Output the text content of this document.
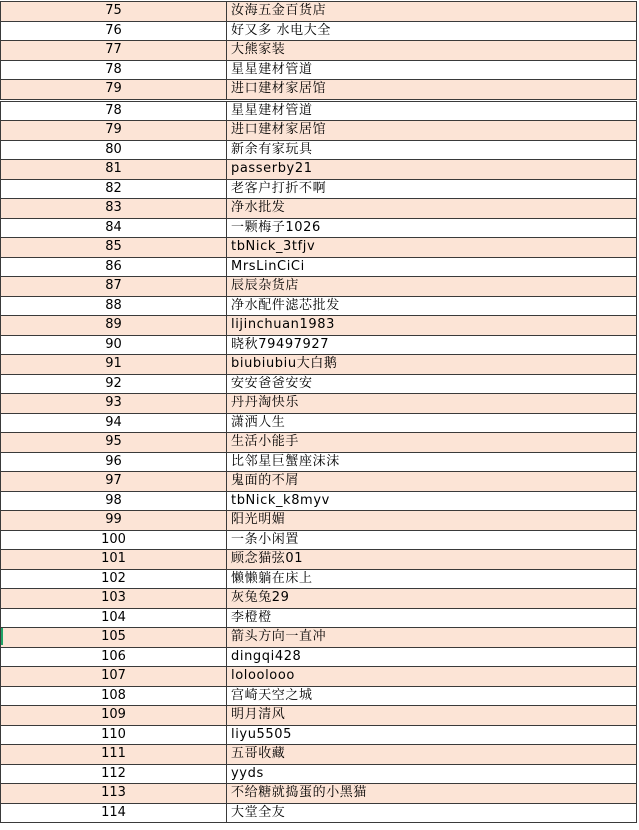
75	汝海五金百货店
76	好又多 水电大全
77	大熊家装
78	星星建材管道
79	进口建材家居馆
78	星星建材管道
79	进口建材家居馆
80	新余有家玩具
81	passerby21
82	老客户打折不啊
83	净水批发
84	一颗梅子1026
85	tbNick_3tfjv
86	MrsLinCiCi
87	辰辰杂货店
88	净水配件滤芯批发
89	lijinchuan1983
90	晓秋79497927
91	biubiubiu大白鹅
92	安安爸爸安安
93	丹丹淘快乐
94	潇洒人生
95	生活小能手
96	比邻星巨蟹座沫沫
97	鬼面的不屑
98	tbNick_k8myv
99	阳光明媚
100	一条小闲置
101	顾念猫弦01
102	懒懒躺在床上
103	灰兔兔29
104	李橙橙
105	箭头方向一直冲
106	dingqi428
107	loloolooo
108	宫崎天空之城
109	明月清风
110	liyu5505
111	五哥收藏
112	yyds
113	不给糖就捣蛋的小黑猫
114	大堂全友
